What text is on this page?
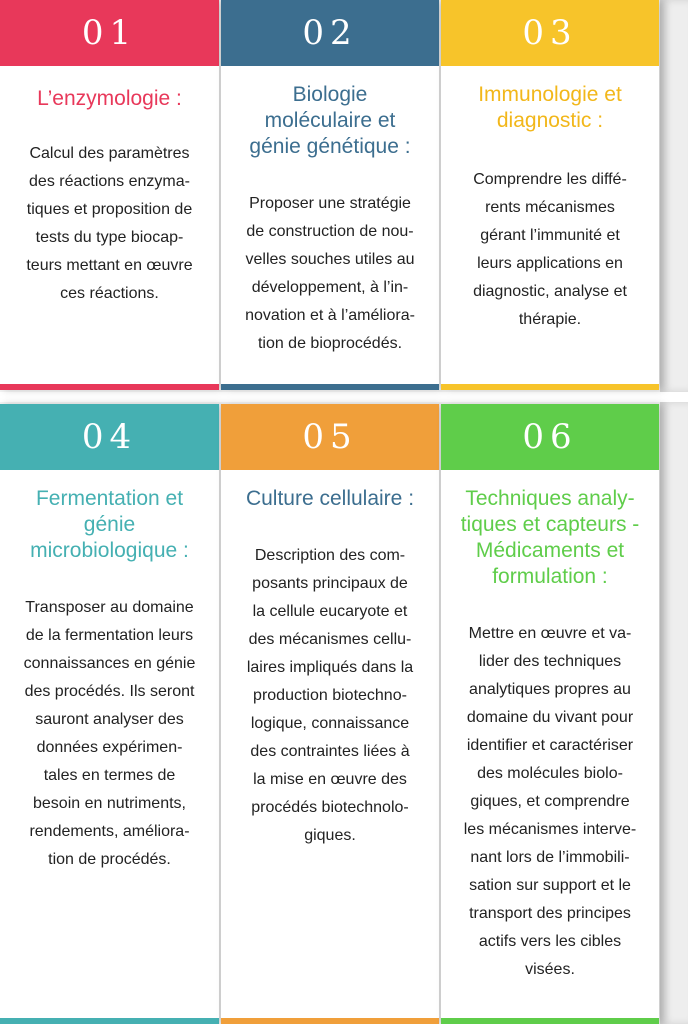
01
L’enzymologie :
Calcul des paramètres
des réactions enzyma-
tiques et proposition de
tests du type biocap-
teurs mettant en œuvre
ces réactions.
02
Biologie
moléculaire et
génie génétique :
Proposer une stratégie
de construction de nou-
velles souches utiles au
développement, à l’in-
novation et à l’améliora-
tion de bioprocédés.
03
Immunologie et
diagnostic :
Comprendre les diffé-
rents mécanismes
gérant l’immunité et
leurs applications en
diagnostic, analyse et
thérapie.
04
Fermentation et
génie
microbiologique :
Transposer au domaine
de la fermentation leurs
connaissances en génie
des procédés. Ils seront
sauront analyser des
données expérimen-
tales en termes de
besoin en nutriments,
rendements, améliora-
tion de procédés.
05
Culture cellulaire :
Description des com-
posants principaux de
la cellule eucaryote et
des mécanismes cellu-
laires impliqués dans la
production biotechno-
logique, connaissance
des contraintes liées à
la mise en œuvre des
procédés biotechnolo-
giques.
06
Techniques analy-
tiques et capteurs -
Médicaments et
formulation :
Mettre en œuvre et va-
lider des techniques
analytiques propres au
domaine du vivant pour
identifier et caractériser
des molécules biolo-
giques, et comprendre
les mécanismes interve-
nant lors de l’immobili-
sation sur support et le
transport des principes
actifs vers les cibles
visées.
